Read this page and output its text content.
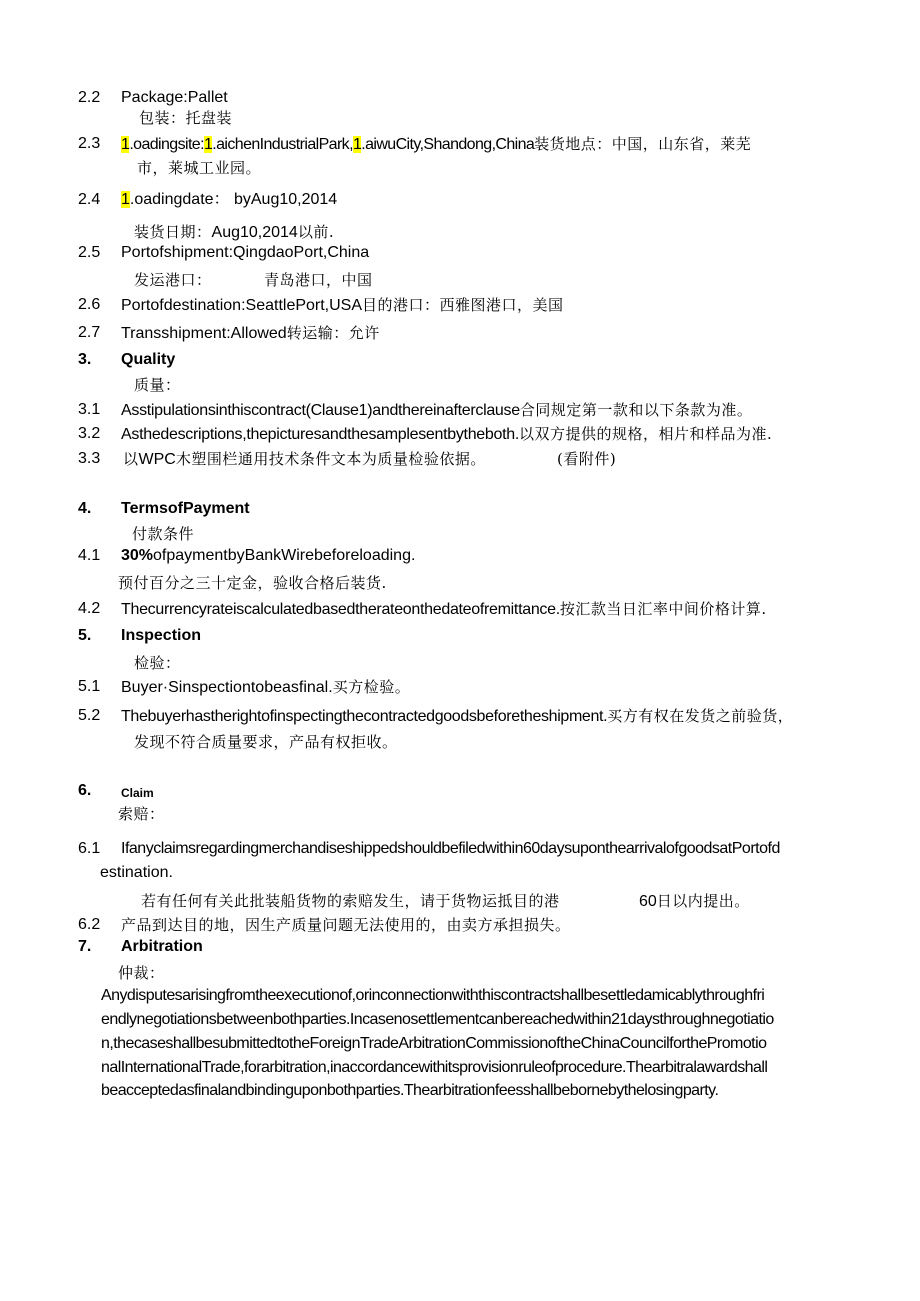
2.2 Package:Pallet
包装：托盘装
2.3 1.oadingsite:1.aichenIndustrialPark,1.aiwuCity,Shandong,China装货地点：中国，山东省，莱芜
市，莱城工业园。
2.4 1.oadingdate： byAug10,2014
装货日期：Aug10,2014以前.
2.5 Portofshipment:QingdaoPort,China
发运港口：	青岛港口，中国
2.6 Portofdestination:SeattlePort,USA目的港口：西雅图港口，美国
2.7 Transshipment:Allowed转运输：允许
3. Quality
质量：
3.1 Asstipulationsinthiscontract(Clause1)andthereinafterclause合同规定第一款和以下条款为准。
3.2 Asthedescriptions,thepicturesandthesamplesentbytheboth.以双方提供的规格，相片和样品为准.
3.3 以WPC木塑围栏通用技术条件文本为质量检验依据。	(看附件)
4. TermsofPayment
付款条件
4.1 30%ofpaymentbyBankWirebeforeloading.
预付百分之三十定金，验收合格后装货.
4.2 Thecurrencyrateiscalculatedbasedtherateonthedateofremittance.按汇款当日汇率中间价格计算.
5. Inspection
检验：
5.1 Buyer·Sinspectiontobeasfinal.买方检验。
5.2 Thebuyerhastherightofinspectingthecontractedgoodsbeforetheshipment.买方有权在发货之前验货，
发现不符合质量要求，产品有权拒收。
6. Claim
索赔：
6.1 Ifanyclaimsregardingmerchandiseshippedshouldbefiledwithin60daysuponthearrivalofgoodsatPortofd
estination.
若有任何有关此批装船货物的索赔发生，请于货物运抵目的港	60日以内提出。
6.2 产品到达目的地，因生产质量问题无法使用的，由卖方承担损失。
7. Arbitration
仲裁：
Anydisputesarisingfromtheexecutionof,orinconnectionwiththiscontractshallbesettledamicablythroughfri
endlynegotiationsbetweenbothparties.Incasenosettlementcanbereachedwithin21daysthroughnegotiatio
n,thecaseshallbesubmittedtotheForeignTradeArbitrationCommissionoftheChinaCouncilforthePromotio
nalInternationalTrade,forarbitration,inaccordancewithitsprovisionruleofprocedure.Thearbitralawardshall
beacceptedasfinalandbindinguponbothparties.Thearbitrationfeesshallbebornebythelosingparty.
